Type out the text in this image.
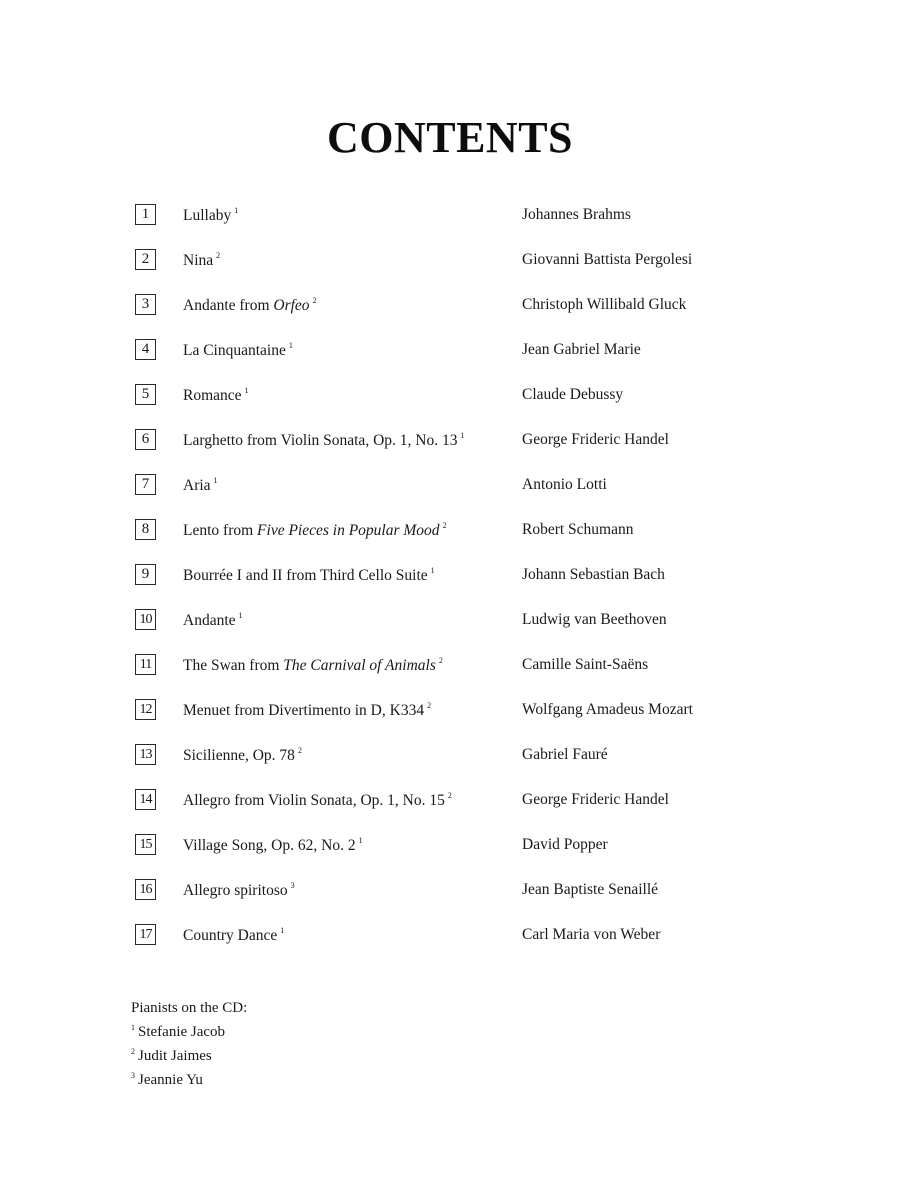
CONTENTS
1	Lullaby $^1$	Johannes Brahms
2	Nina $^2$	Giovanni Battista Pergolesi
3	Andante from Orfeo $^2$	Christoph Willibald Gluck
4	La Cinquantaine $^1$	Jean Gabriel Marie
5	Romance $^1$	Claude Debussy
6	Larghetto from Violin Sonata, Op. 1, No. 13 $^1$	George Frideric Handel
7	Aria $^1$	Antonio Lotti
8	Lento from Five Pieces in Popular Mood $^2$	Robert Schumann
9	Bourrée I and II from Third Cello Suite $^1$	Johann Sebastian Bach
10 Andante $^1$	Ludwig van Beethoven
11	The Swan from The Carnival of Animals $^2$	Camille Saint-Saëns
12 Menuet from Divertimento in D, K334 $^2$	Wolfgang Amadeus Mozart
13 Sicilienne, Op. 78 $^2$	Gabriel Fauré
14 Allegro from Violin Sonata, Op. 1, No. 15 $^2$	George Frideric Handel
15 Village Song, Op. 62, No. 2 $^1$	David Popper
16 Allegro spiritoso $^3$	Jean Baptiste Senaillé
17 Country Dance $^1$	Carl Maria von Weber
Pianists on the CD:
$^1$ Stefanie Jacob
$^2$ Judit Jaimes
$^3$ Jeannie Yu
